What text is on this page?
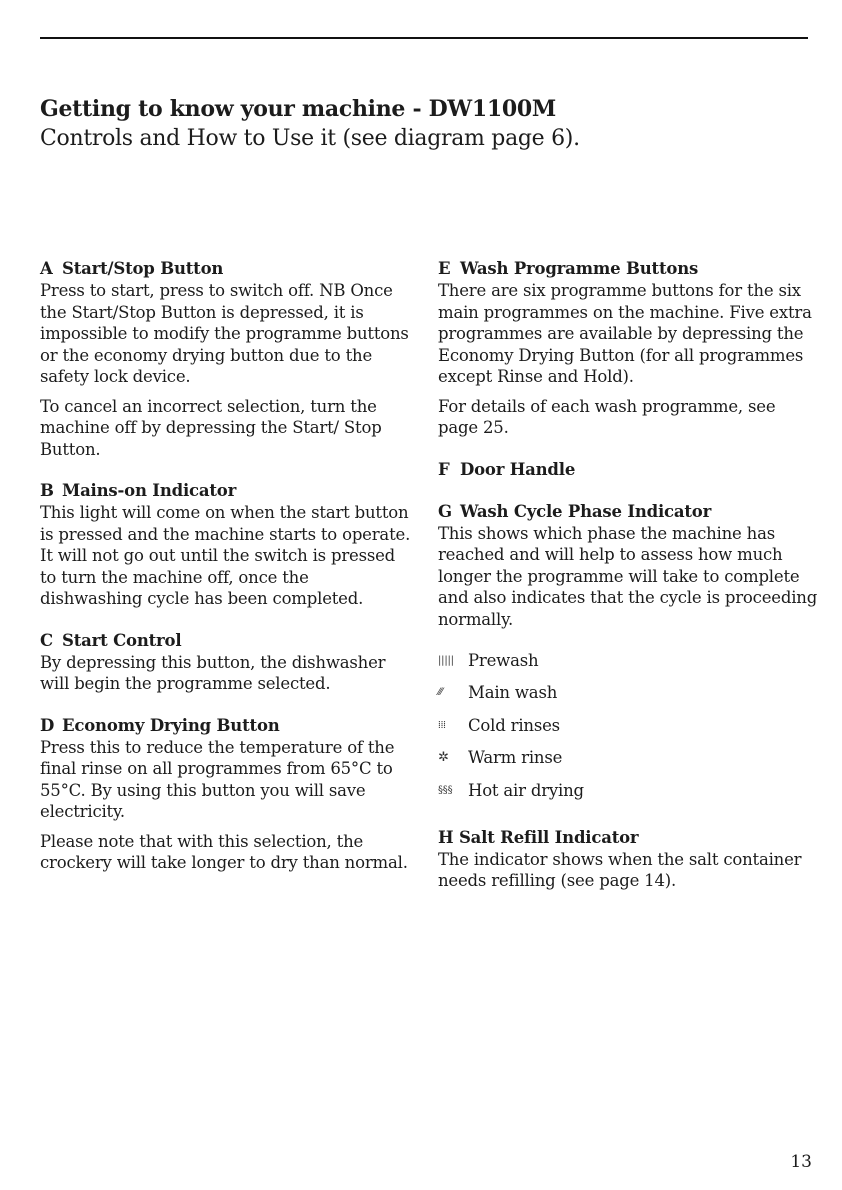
Getting to know your machine - DW1100M
Controls and How to Use it (see diagram page 6).
A Start/Stop Button

Press to start, press to switch off. NB Once the Start/Stop Button is depressed, it is impossible to modify the programme buttons or the economy drying button due to the safety lock device.

To cancel an incorrect selection, turn the machine off by depressing the Start/ Stop Button.

B Mains-on Indicator

This light will come on when the start button is pressed and the machine starts to operate. It will not go out until the switch is pressed to turn the machine off, once the dishwashing cycle has been completed.

C Start Control

By depressing this button, the dishwasher will begin the programme selected.

D Economy Drying Button

Press this to reduce the temperature of the final rinse on all programmes from 65°C to 55°C. By using this button you will save electricity.

Please note that with this selection, the crockery will take longer to dry than normal.

E Wash Programme Buttons

There are six programme buttons for the six main programmes on the machine. Five extra programmes are available by depressing the Economy Drying Button (for all programmes except Rinse and Hold).

For details of each wash programme, see page 25.

F Door Handle
G Wash Cycle Phase Indicator

This shows which phase the machine has reached and will help to assess how much longer the programme will take to complete and also indicates that the cycle is proceeding normally.

||||| Prewash
⁄⁄⁄	Main wash
⁞⁞⁞	Cold rinses
✲	Warm rinse
§§§ Hot air drying
H Salt Refill Indicator

The indicator shows when the salt container needs refilling (see page 14).

13
